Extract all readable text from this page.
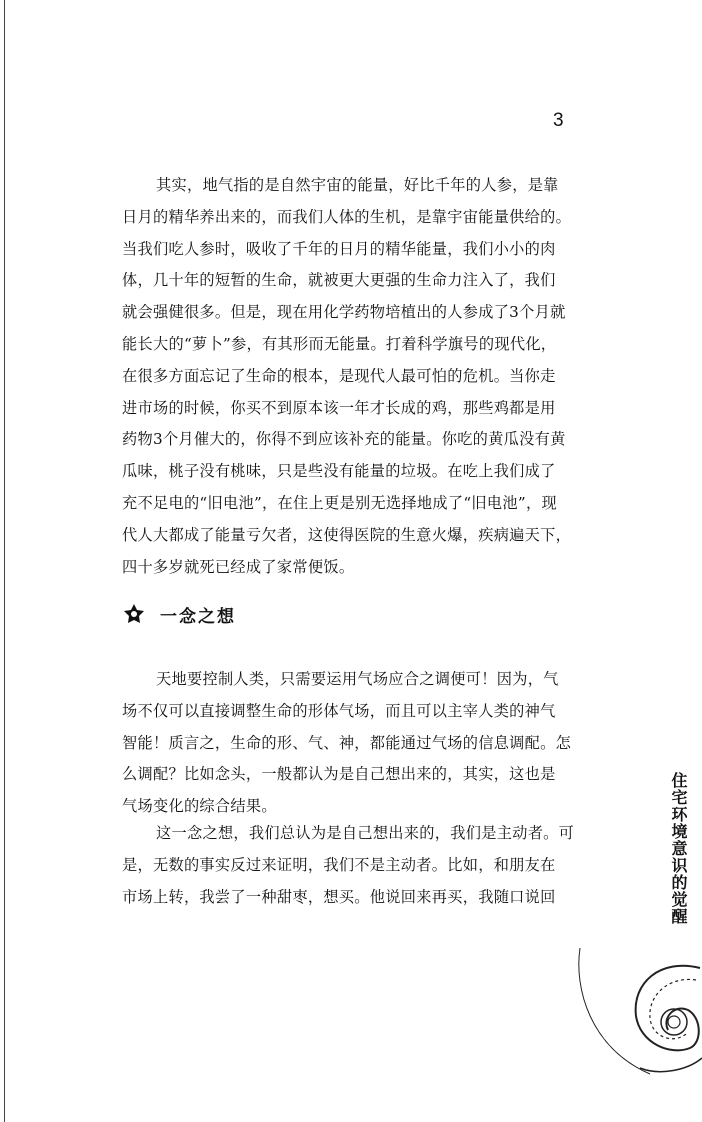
3
其实，地气指的是自然宇宙的能量，好比千年的人参，是靠
日月的精华养出来的，而我们人体的生机，是靠宇宙能量供给的。
当我们吃人参时，吸收了千年的日月的精华能量，我们小小的肉
体，几十年的短暂的生命，就被更大更强的生命力注入了，我们
就会强健很多。但是，现在用化学药物培植出的人参成了3个月就
能长大的“萝卜”参，有其形而无能量。打着科学旗号的现代化，
在很多方面忘记了生命的根本，是现代人最可怕的危机。当你走
进市场的时候，你买不到原本该一年才长成的鸡，那些鸡都是用
药物3个月催大的，你得不到应该补充的能量。你吃的黄瓜没有黄
瓜味，桃子没有桃味，只是些没有能量的垃圾。在吃上我们成了
充不足电的“旧电池”，在住上更是别无选择地成了“旧电池”，现
代人大都成了能量亏欠者，这使得医院的生意火爆，疾病遍天下，
四十多岁就死已经成了家常便饭。
一念之想
天地要控制人类，只需要运用气场应合之调便可！因为，气
场不仅可以直接调整生命的形体气场，而且可以主宰人类的神气
智能！质言之，生命的形、气、神，都能通过气场的信息调配。怎
么调配？比如念头，一般都认为是自己想出来的，其实，这也是
气场变化的综合结果。
这一念之想，我们总认为是自己想出来的，我们是主动者。可
是，无数的事实反过来证明，我们不是主动者。比如，和朋友在
市场上转，我尝了一种甜枣，想买。他说回来再买，我随口说回	住宅环境意识的觉醒
